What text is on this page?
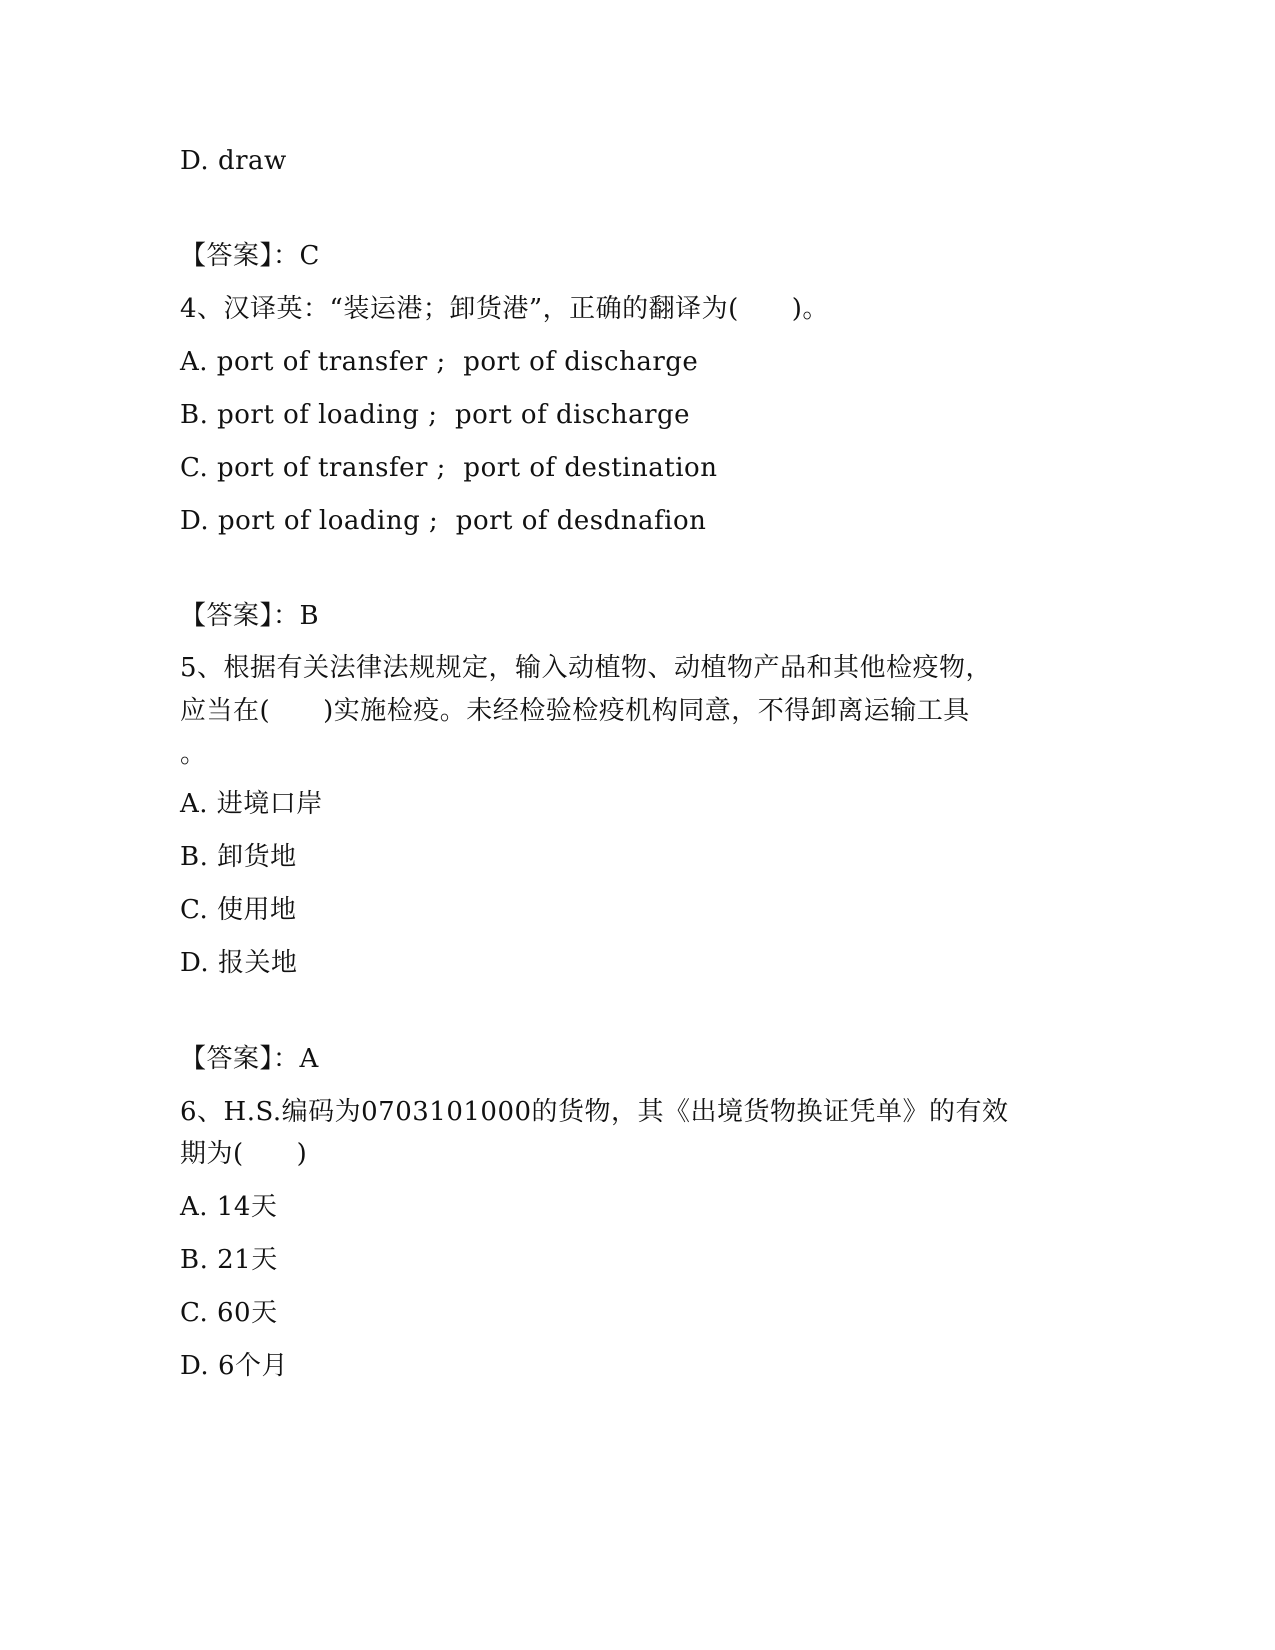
D. draw
【答案】：C
4、汉译英：“装运港；卸货港”，正确的翻译为(　　)。
A. port of transfer ;  port of discharge
B. port of loading ;  port of discharge
C. port of transfer ;  port of destination
D. port of loading ;  port of desdnafion
【答案】：B
5、根据有关法律法规规定，输入动植物、动植物产品和其他检疫物，
应当在(　　)实施检疫。未经检验检疫机构同意，不得卸离运输工具
。
A. 进境口岸
B. 卸货地
C. 使用地
D. 报关地
【答案】：A
6、H.S.编码为0703101000的货物，其《出境货物换证凭单》的有效
期为(　　)
A. 14天
B. 21天
C. 60天
D. 6个月
